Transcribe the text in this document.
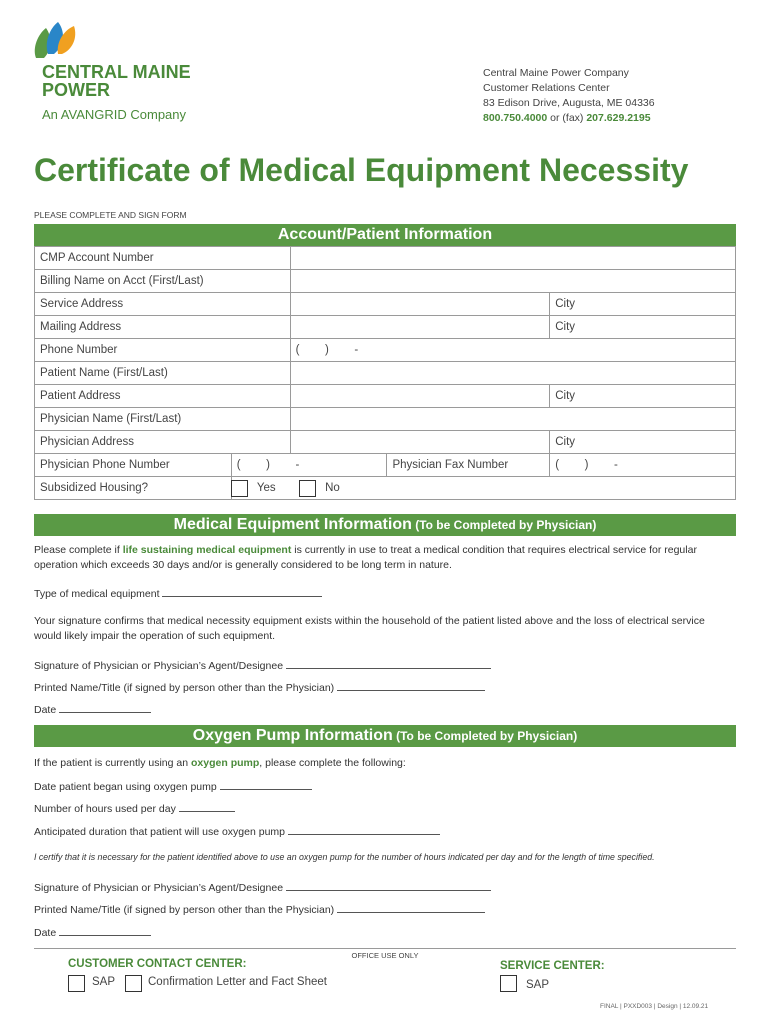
CENTRAL MAINE
POWER
An AVANGRID Company
Central Maine Power Company
Customer Relations Center
83 Edison Drive, Augusta, ME 04336
800.750.4000 or (fax) 207.629.2195
Certificate of Medical Equipment Necessity
PLEASE COMPLETE AND SIGN FORM
Account/Patient Information
CMP Account Number				
Billing Name on Acct (First/Last)				
Service Address				City
Mailing Address				City
Phone Number		(        )        -		
Patient Name (First/Last)				
Patient Address				City
Physician Name (First/Last)				
Physician Address				City
Physician Phone Number	(        )        -		Physician Fax Number	(        )        -
Subsidized Housing?	Yes No			
Medical Equipment Information (To be Completed by Physician)
Please complete if life sustaining medical equipment is currently in use to treat a medical condition that requires electrical service for regular operation which exceeds 30 days and/or is generally considered to be long term in nature.
Type of medical equipment
Your signature confirms that medical necessity equipment exists within the household of the patient listed above and the loss of electrical service would likely impair the operation of such equipment.
Signature of Physician or Physician’s Agent/Designee
Printed Name/Title (if signed by person other than the Physician)
Date
Oxygen Pump Information (To be Completed by Physician)
If the patient is currently using an oxygen pump, please complete the following:
Date patient began using oxygen pump
Number of hours used per day
Anticipated duration that patient will use oxygen pump
I certify that it is necessary for the patient identified above to use an oxygen pump for the number of hours indicated per day and for the length of time specified.
Signature of Physician or Physician’s Agent/Designee
Printed Name/Title (if signed by person other than the Physician)
Date
OFFICE USE ONLY
CUSTOMER CONTACT CENTER:
SAP	Confirmation Letter and Fact Sheet
SERVICE CENTER:
SAP
FINAL | PXXD003 | Design | 12.09.21
